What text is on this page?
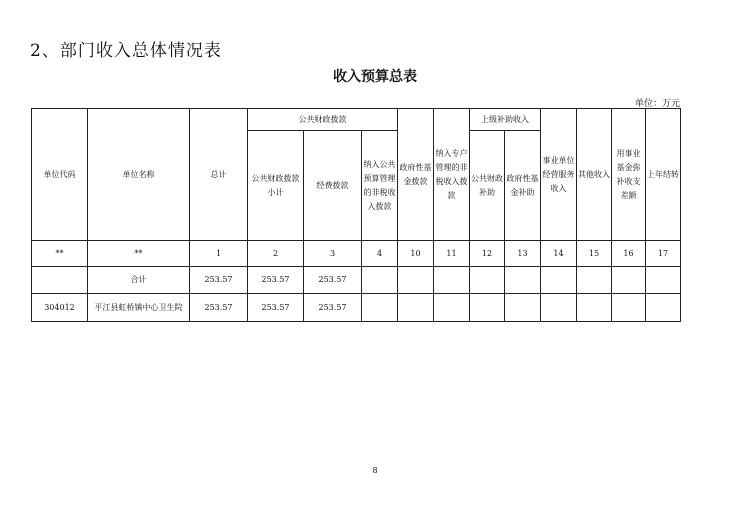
2、部门收入总体情况表
收入预算总表
单位：万元
单位代码	单位名称	总计	公共财政拨款			政府性基金拨款	纳入专户管理的非税收入拨款	上级补助收入		事业单位经营服务收入	其他收入	用事业基金弥补收支差额	上年结转
			公共财政拨款小计	经费拨款	纳入公共预算管理的非税收入拨款			公共财政补助	政府性基金补助				
**	**	1	2	3	4	10	11	12	13	14	15	16	17
	合计	253.57	253.57	253.57									
304012	平江县虹桥镇中心卫生院	253.57	253.57	253.57									
8
